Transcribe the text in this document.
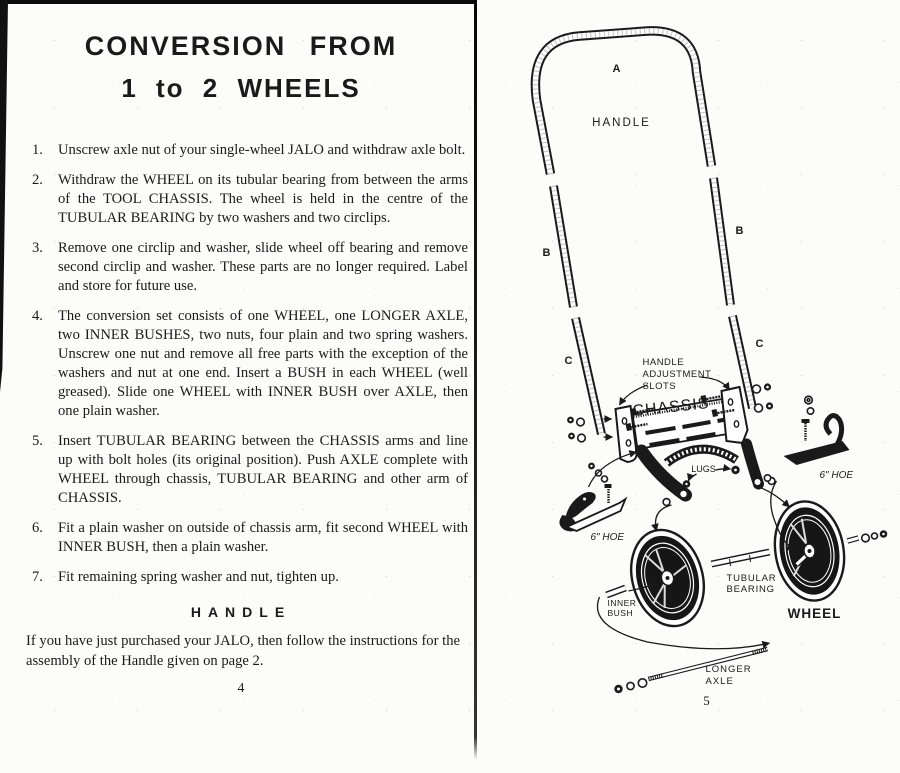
CONVERSION FROM
1 to 2 WHEELS
1.	Unscrew axle nut of your single-wheel JALO and withdraw axle bolt.
2.	Withdraw the WHEEL on its tubular bearing from between the arms of the TOOL CHASSIS. The wheel is held in the centre of the TUBULAR BEARING by two washers and two circlips.
3.	Remove one circlip and washer, slide wheel off bearing and remove second circlip and washer. These parts are no longer required. Label and store for future use.
4.	The conversion set consists of one WHEEL, one LONGER AXLE, two INNER BUSHES, two nuts, four plain and two spring washers. Unscrew one nut and remove all free parts with the exception of the washers and nut at one end. Insert a BUSH in each WHEEL (well greased). Slide one WHEEL with INNER BUSH over AXLE, then one plain washer.
5.	Insert TUBULAR BEARING between the CHASSIS arms and line up with bolt holes (its original position). Push AXLE complete with WHEEL through chassis, TUBULAR BEARING and other arm of CHASSIS.
6.	Fit a plain washer on outside of chassis arm, fit second WHEEL with INNER BUSH, then a plain washer.
7.	Fit remaining spring washer and nut, tighten up.
HANDLE

If you have just purchased your JALO, then follow the instructions for the assembly of the Handle given on page 2.

4
A
HANDLE
B
B
C
C
HANDLE
ADJUSTMENT
SLOTS
CHASSIS
LUGS
6" HOE
6" HOE
TUBULAR
BEARING
INNER
BUSH	WHEEL
LONGER
AXLE
5
